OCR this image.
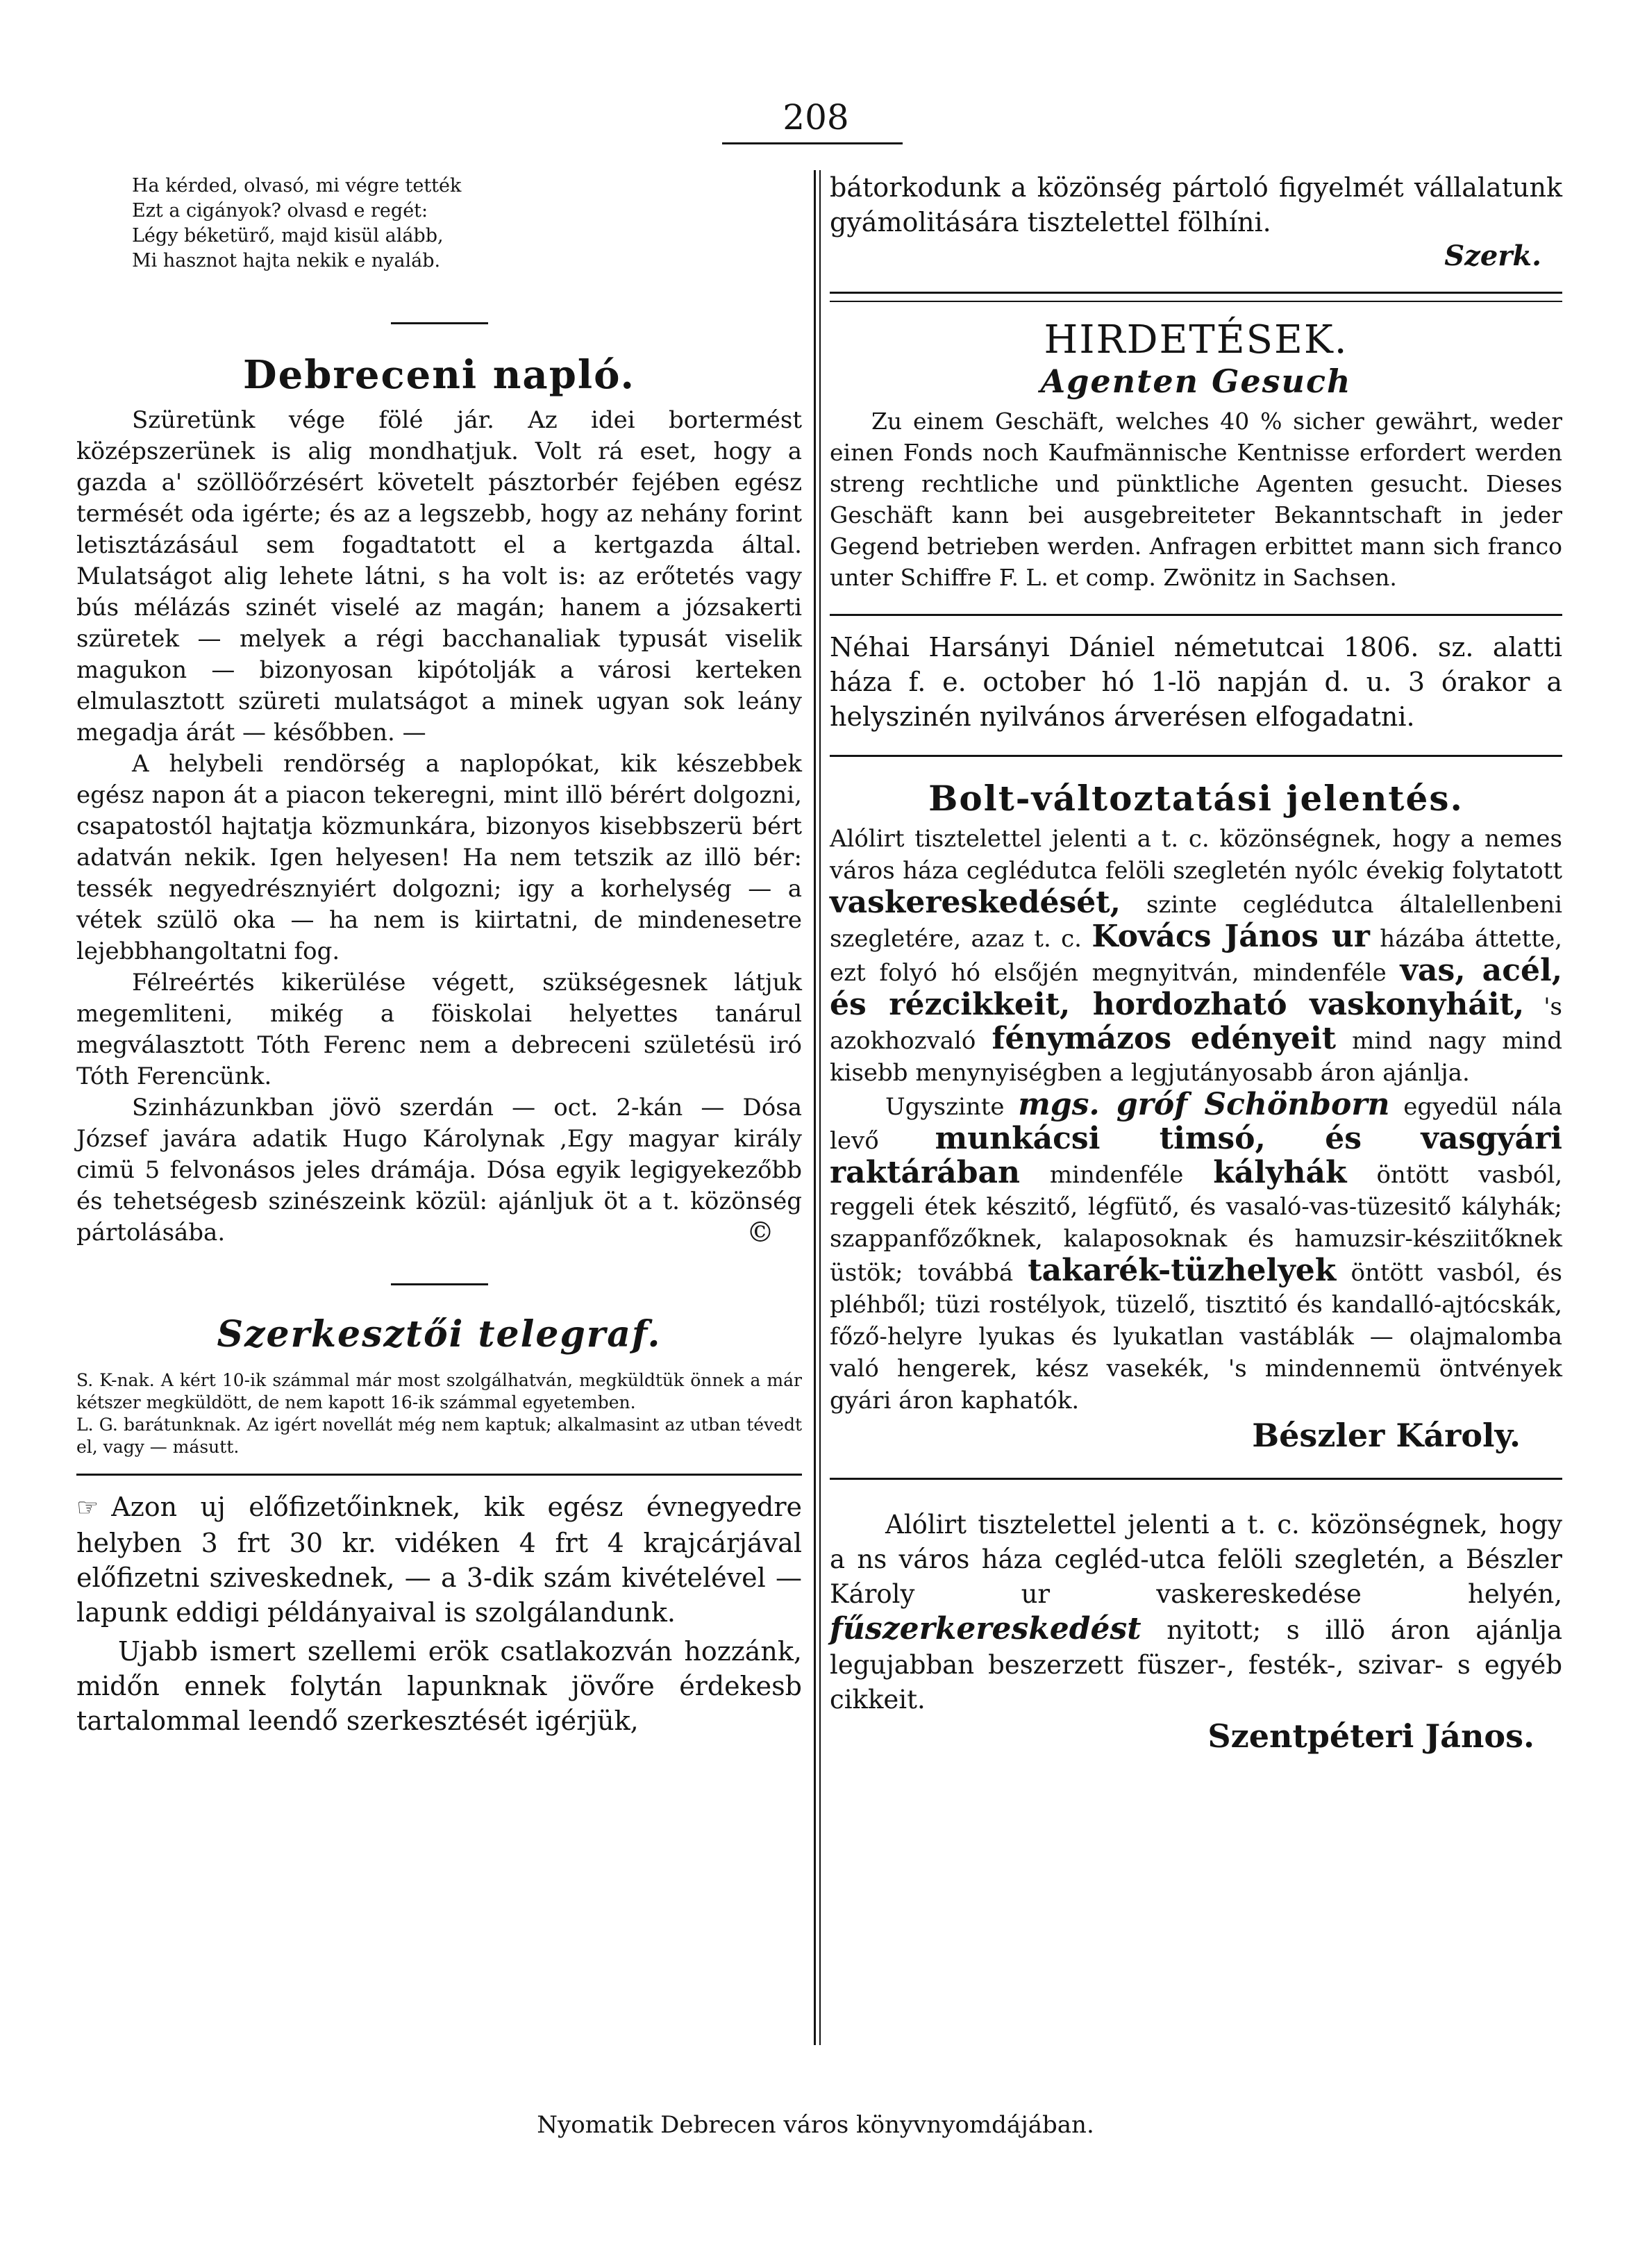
208
Ha kérded, olvasó, mi végre tették
Ezt a cigányok? olvasd e regét:
Légy béketürő, majd kisül alább,
Mi hasznot hajta nekik e nyaláb.
Debreceni napló.

Szüretünk vége fölé jár. Az idei bortermést középszerünek is alig mondhatjuk. Volt rá eset, hogy a gazda a' szöllöőrzésért követelt pásztorbér fejében egész termését oda igérte; és az a legszebb, hogy az nehány forint letisztázásául sem fogadtatott el a kertgazda által. Mulatságot alig lehete látni, s ha volt is: az erőtetés vagy bús mélázás szinét viselé az magán; hanem a józsakerti szüretek — melyek a régi bacchanaliak typusát viselik magukon — bizonyosan kipótolják a városi kerteken elmulasztott szüreti mulatságot a minek ugyan sok leány megadja árát — későbben. —

A helybeli rendörség a naplopókat, kik készebbek egész napon át a piacon tekeregni, mint illö bérért dolgozni, csapatostól hajtatja közmunkára, bizonyos kisebbszerü bért adatván nekik. Igen helyesen! Ha nem tetszik az illö bér: tessék negyedrésznyiért dolgozni; igy a korhelység — a vétek szülö oka — ha nem is kiirtatni, de mindenesetre lejebbhangoltatni fog.

Félreértés kikerülése végett, szükségesnek látjuk megemliteni, mikég a föiskolai helyettes tanárul megválasztott Tóth Ferenc nem a debreceni születésü iró Tóth Ferencünk.

Szinházunkban jövö szerdán — oct. 2-kán — Dósa József javára adatik Hugo Károlynak ,Egy magyar király cimü 5 felvonásos jeles drámája. Dósa egyik legigyekezőbb és tehetségesb szinészeink közül: ajánljuk öt a t. közönség pártolásába.	©

Szerkesztői telegraf.

S. K-nak. A kért 10-ik számmal már most szolgálhatván, megküldtük önnek a már kétszer megküldött, de nem kapott 16-ik számmal egyetemben.

L. G. barátunknak. Az igért novellát még nem kaptuk; alkalmasint az utban tévedt el, vagy — másutt.

☞ Azon uj előfizetőinknek, kik egész évnegyedre helyben 3 frt 30 kr. vidéken 4 frt 4 krajcárjával előfizetni sziveskednek, — a 3-dik szám kivételével — lapunk eddigi példányaival is szolgálandunk.

Ujabb ismert szellemi erök csatlakozván hozzánk, midőn ennek folytán lapunknak jövőre érdekesb tartalommal leendő szerkesztését igérjük,

bátorkodunk a közönség pártoló figyelmét vállalatunk gyámolitására tisztelettel fölhíni.

Szerk.
HIRDETÉSEK.
Agenten Gesuch

Zu einem Geschäft, welches 40 % sicher gewährt, weder einen Fonds noch Kaufmännische Kentnisse erfordert werden streng rechtliche und pünktliche Agenten gesucht. Dieses Geschäft kann bei ausgebreiteter Bekanntschaft in jeder Gegend betrieben werden. Anfragen erbittet mann sich franco unter Schiffre F. L. et comp. Zwönitz in Sachsen.

Néhai Harsányi Dániel németutcai 1806. sz. alatti háza f. e. october hó 1-lö napján d. u. 3 órakor a helyszinén nyilvános árverésen elfogadatni.

Bolt-változtatási jelentés.

Alólirt tisztelettel jelenti a t. c. közönségnek, hogy a nemes város háza ceglédutca felöli szegletén nyólc évekig folytatott vaskereskedését, szinte ceglédutca általellenbeni szegletére, azaz t. c. Kovács János ur házába áttette, ezt folyó hó elsőjén megnyitván, mindenféle vas, acél, és rézcikkeit, hordozható vaskonyháit, 's azokhozvaló fénymázos edényeit mind nagy mind kisebb menynyiségben a legjutányosabb áron ajánlja.

Ugyszinte mgs. gróf Schönborn egyedül nála levő munkácsi timsó, és vasgyári raktárában mindenféle kályhák öntött vasból, reggeli étek készitő, légfütő, és vasaló-vas-tüzesitő kályhák; szappanfőzőknek, kalaposoknak és hamuzsir-késziitőknek üstök; továbbá takarék-tüzhelyek öntött vasból, és pléhből; tüzi rostélyok, tüzelő, tisztitó és kandalló-ajtócskák, főző-helyre lyukas és lyukatlan vastáblák — olajmalomba való hengerek, kész vasekék, 's mindennemü öntvények gyári áron kaphatók.

Bészler Károly.

Alólirt tisztelettel jelenti a t. c. közönségnek, hogy a ns város háza cegléd-utca felöli szegletén, a Bészler Károly ur vaskereskedése helyén, fűszerkereskedést nyitott; s illö áron ajánlja legujabban beszerzett füszer-, festék-, szivar- s egyéb cikkeit.

Szentpéteri János.
Nyomatik Debrecen város könyvnyomdájában.
